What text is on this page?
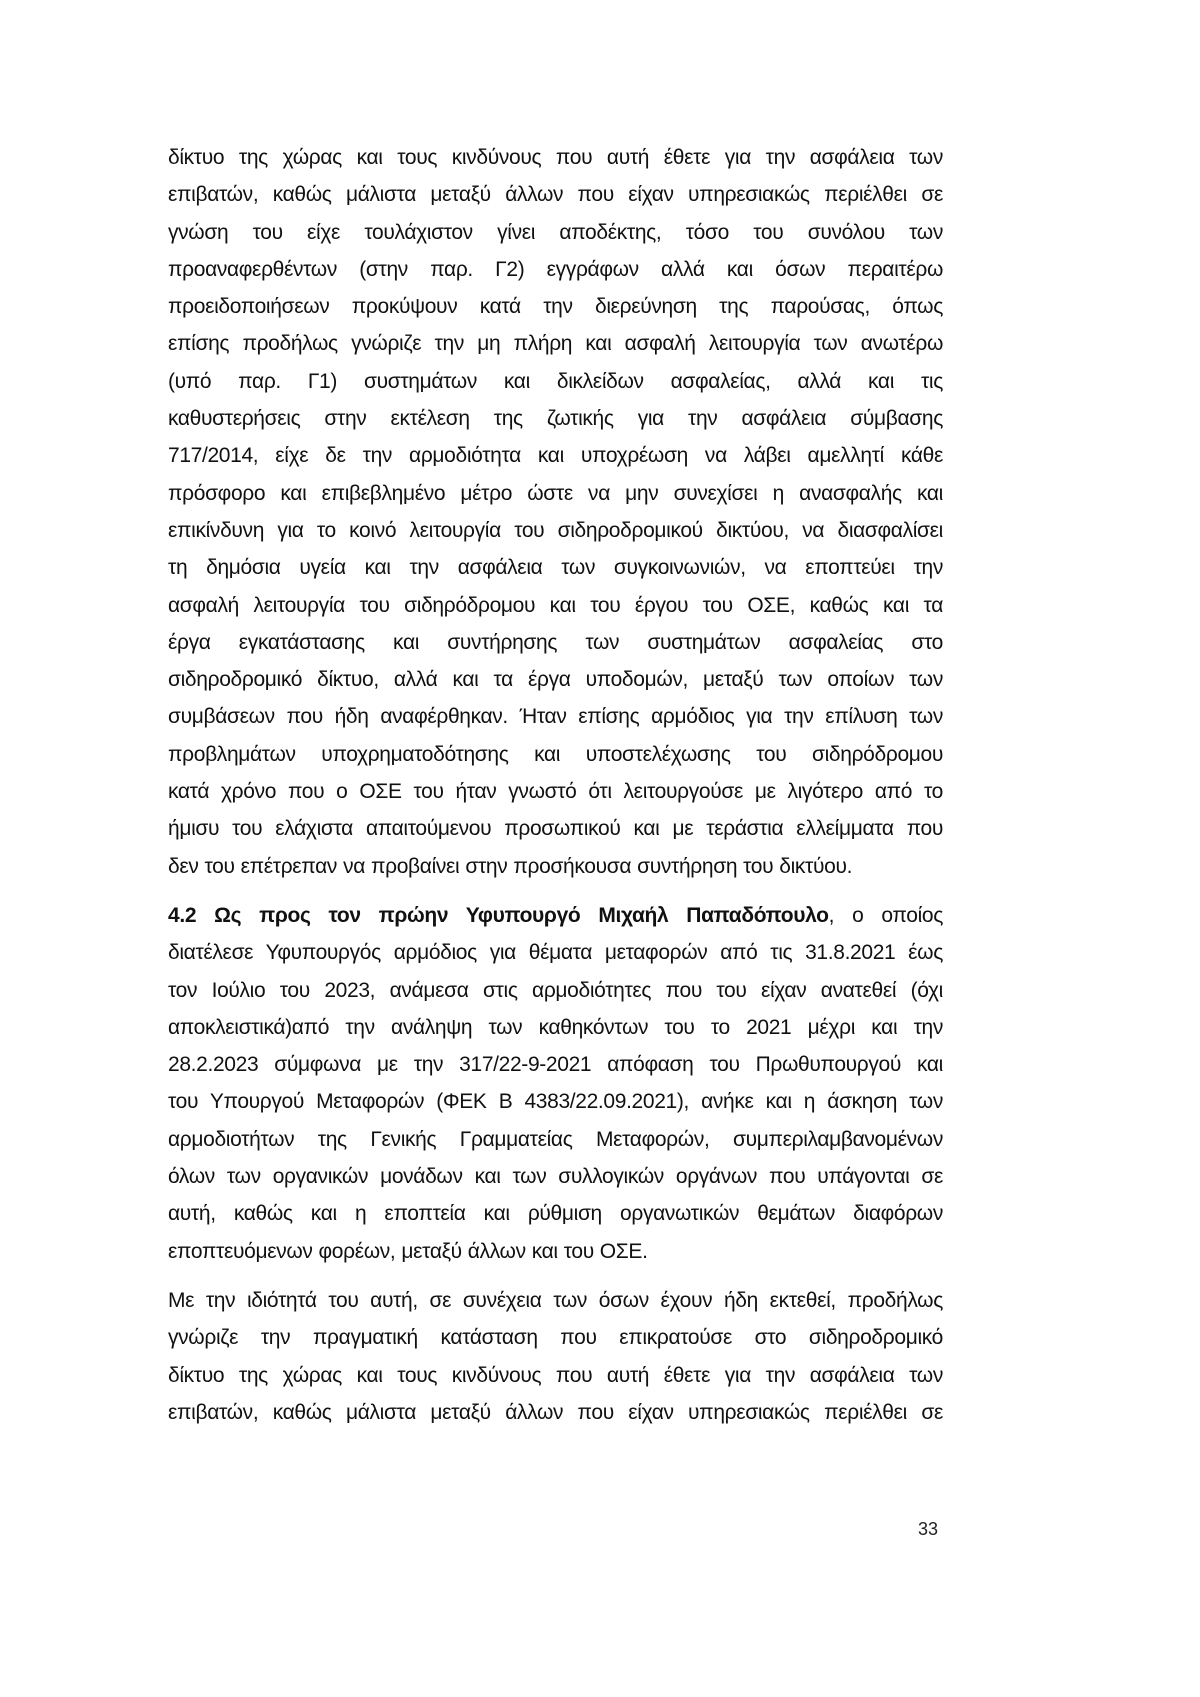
δίκτυο της χώρας και τους κινδύνους που αυτή έθετε για την ασφάλεια των
επιβατών, καθώς μάλιστα μεταξύ άλλων που είχαν υπηρεσιακώς περιέλθει σε
γνώση του είχε τουλάχιστον γίνει αποδέκτης, τόσο του συνόλου των
προαναφερθέντων (στην παρ. Γ2) εγγράφων αλλά και όσων περαιτέρω
προειδοποιήσεων προκύψουν κατά την διερεύνηση της παρούσας, όπως
επίσης προδήλως γνώριζε την μη πλήρη και ασφαλή λειτουργία των ανωτέρω
(υπό παρ. Γ1) συστημάτων και δικλείδων ασφαλείας, αλλά και τις
καθυστερήσεις στην εκτέλεση της ζωτικής για την ασφάλεια σύμβασης
717/2014, είχε δε την αρμοδιότητα και υποχρέωση να λάβει αμελλητί κάθε
πρόσφορο και επιβεβλημένο μέτρο ώστε να μην συνεχίσει η ανασφαλής και
επικίνδυνη για το κοινό λειτουργία του σιδηροδρομικού δικτύου, να διασφαλίσει
τη δημόσια υγεία και την ασφάλεια των συγκοινωνιών, να εποπτεύει την
ασφαλή λειτουργία του σιδηρόδρομου και του έργου του ΟΣΕ, καθώς και τα
έργα εγκατάστασης και συντήρησης των συστημάτων ασφαλείας στο
σιδηροδρομικό δίκτυο, αλλά και τα έργα υποδομών, μεταξύ των οποίων των
συμβάσεων που ήδη αναφέρθηκαν. Ήταν επίσης αρμόδιος για την επίλυση των
προβλημάτων υποχρηματοδότησης και υποστελέχωσης του σιδηρόδρομου
κατά χρόνο που ο ΟΣΕ του ήταν γνωστό ότι λειτουργούσε με λιγότερο από το
ήμισυ του ελάχιστα απαιτούμενου προσωπικού και με τεράστια ελλείμματα που
δεν του επέτρεπαν να προβαίνει στην προσήκουσα συντήρηση του δικτύου.
4.2 Ως προς τον πρώην Υφυπουργό Μιχαήλ Παπαδόπουλο, ο οποίος
διατέλεσε Υφυπουργός αρμόδιος για θέματα μεταφορών από τις 31.8.2021 έως
τον Ιούλιο του 2023, ανάμεσα στις αρμοδιότητες που του είχαν ανατεθεί (όχι
αποκλειστικά)από την ανάληψη των καθηκόντων του το 2021 μέχρι και την
28.2.2023 σύμφωνα με την 317/22-9-2021 απόφαση του Πρωθυπουργού και
του Υπουργού Μεταφορών (ΦΕΚ Β 4383/22.09.2021), ανήκε και η άσκηση των
αρμοδιοτήτων της Γενικής Γραμματείας Μεταφορών, συμπεριλαμβανομένων
όλων των οργανικών μονάδων και των συλλογικών οργάνων που υπάγονται σε
αυτή, καθώς και η εποπτεία και ρύθμιση οργανωτικών θεμάτων διαφόρων
εποπτευόμενων φορέων, μεταξύ άλλων και του ΟΣΕ.
Με την ιδιότητά του αυτή, σε συνέχεια των όσων έχουν ήδη εκτεθεί, προδήλως
γνώριζε την πραγματική κατάσταση που επικρατούσε στο σιδηροδρομικό
δίκτυο της χώρας και τους κινδύνους που αυτή έθετε για την ασφάλεια των
επιβατών, καθώς μάλιστα μεταξύ άλλων που είχαν υπηρεσιακώς περιέλθει σε
33
